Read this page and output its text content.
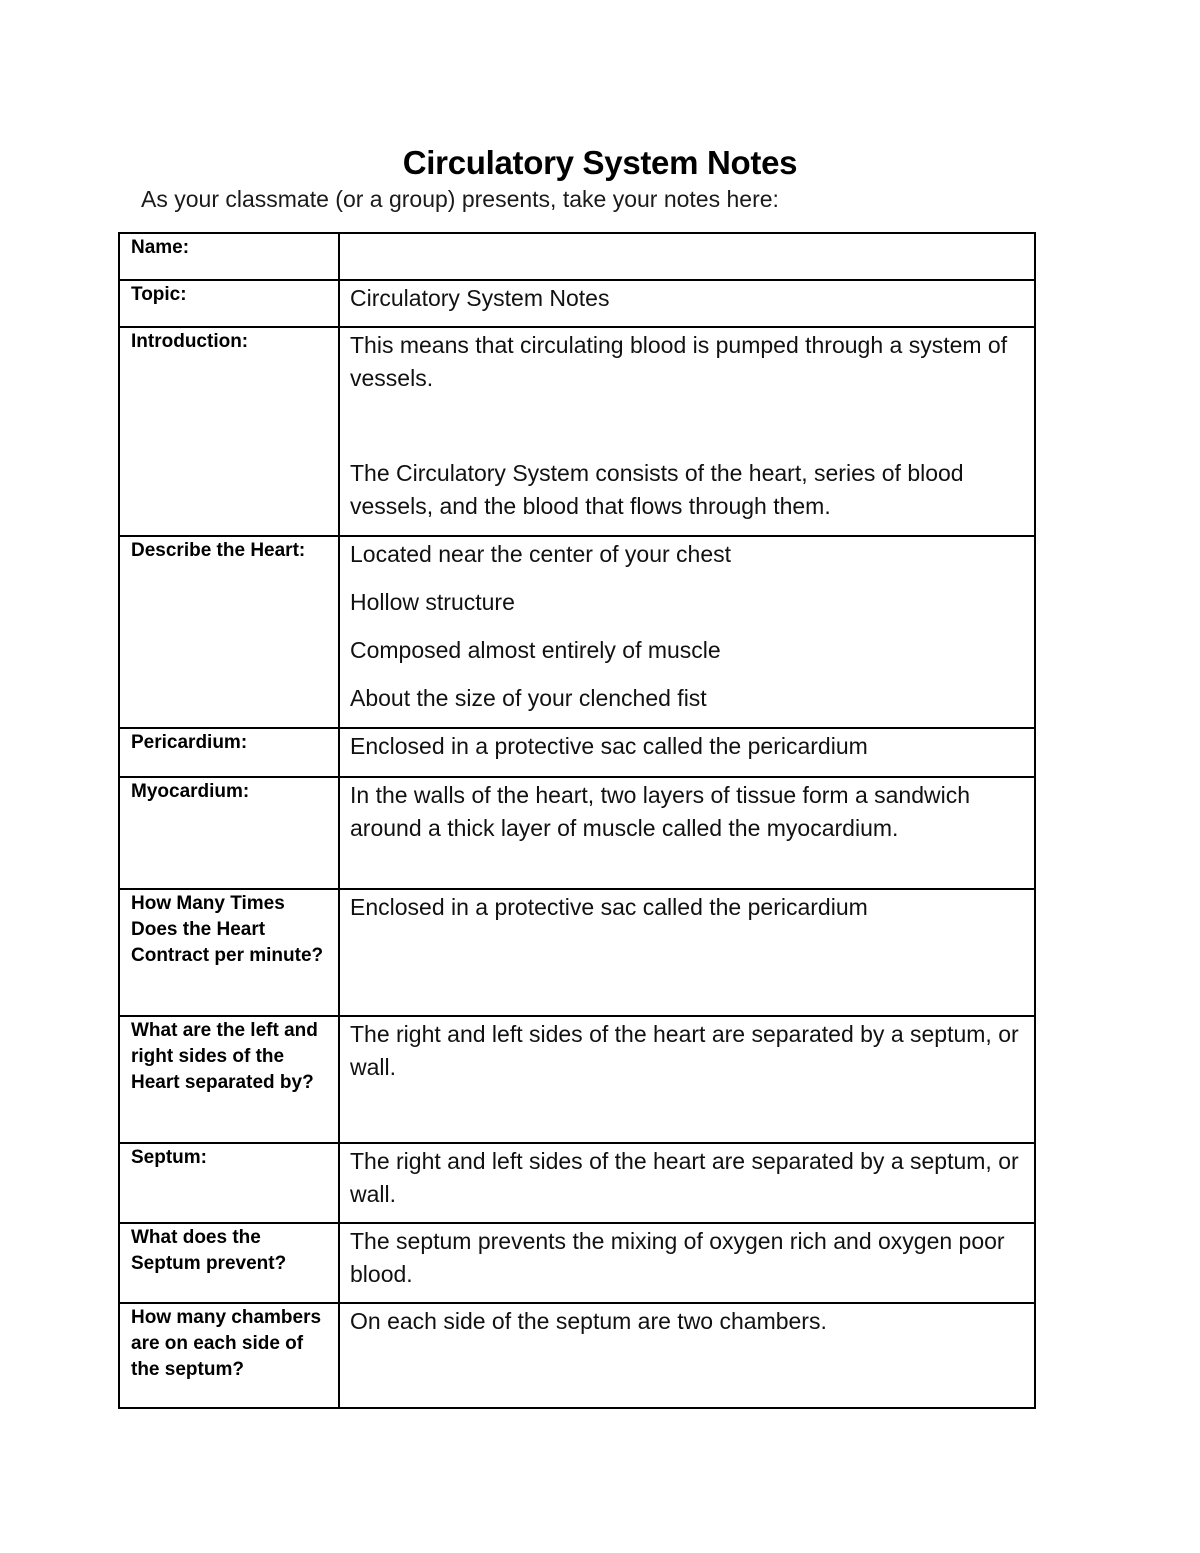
Circulatory System Notes
As your classmate (or a group) presents, take your notes here:
Name:	

Topic:	Circulatory System Notes

Introduction:	This means that circulating blood is pumped through a system of vessels.

The Circulatory System consists of the heart, series of blood vessels, and the blood that flows through them.

Describe the Heart:	Located near the center of your chest

Hollow structure

Composed almost entirely of muscle

About the size of your clenched fist

Pericardium:	Enclosed in a protective sac called the pericardium

Myocardium:	In the walls of the heart, two layers of tissue form a sandwich around a thick layer of muscle called the myocardium.

How Many Times Does the Heart Contract per minute?	Enclosed in a protective sac called the pericardium

What are the left and right sides of the Heart separated by?	The right and left sides of the heart are separated by a septum, or wall.

Septum:	The right and left sides of the heart are separated by a septum, or wall.

What does the Septum prevent?	The septum prevents the mixing of oxygen rich and oxygen poor blood.

How many chambers are on each side of the septum?	On each side of the septum are two chambers.
